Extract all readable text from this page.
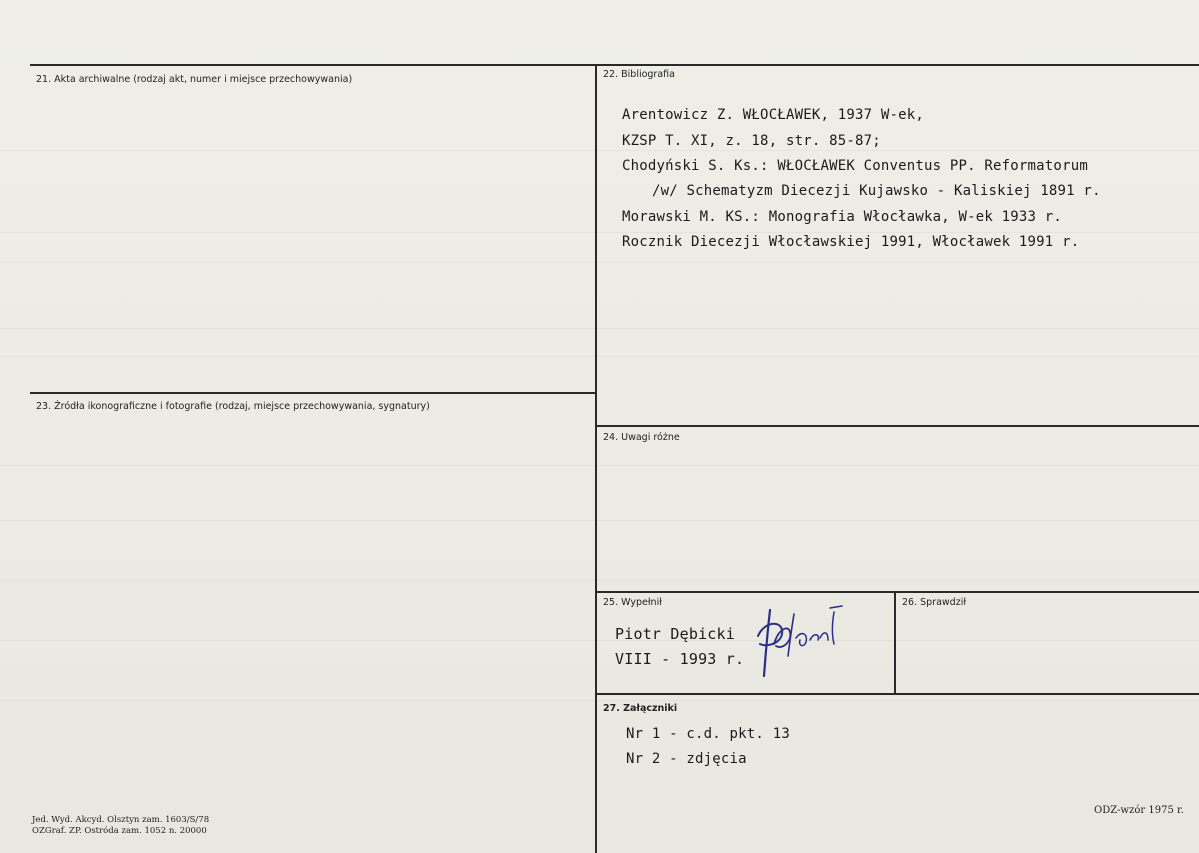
21. Akta archiwalne (rodzaj akt, numer i miejsce przechowywania)	22. Bibliografia
23. Źródła ikonograficzne i fotografie (rodzaj, miejsce przechowywania, sygnatury)
24. Uwagi różne
25. Wypełnił	26. Sprawdził
27. Załączniki
Arentowicz Z. WŁOCŁAWEK, 1937 W-ek,
KZSP T. XI, z. 18, str. 85-87;
Chodyński S. Ks.: WŁOCŁAWEK Conventus PP. Reformatorum
/w/ Schematyzm Diecezji Kujawsko - Kaliskiej 1891 r.
Morawski M. KS.: Monografia Włocławka, W-ek 1933 r.
Rocznik Diecezji Włocławskiej 1991, Włocławek 1991 r.
Piotr Dębicki
VIII - 1993 r.
Nr 1 - c.d. pkt. 13
Nr 2 - zdjęcia
Jed. Wyd. Akcyd. Olsztyn zam. 1603/S/78
OZGraf. ZP. Ostróda zam. 1052 n. 20000
ODZ-wzór 1975 r.
